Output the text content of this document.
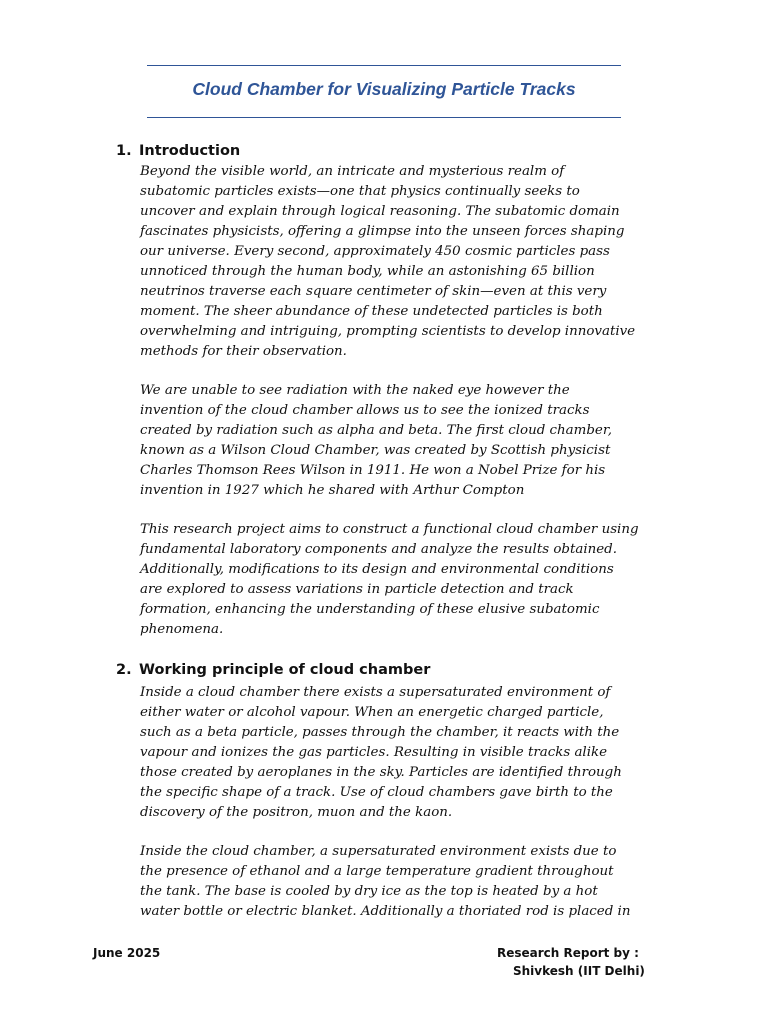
Cloud Chamber for Visualizing Particle Tracks
1. Introduction
Beyond the visible world, an intricate and mysterious realm of
subatomic particles exists—one that physics continually seeks to
uncover and explain through logical reasoning. The subatomic domain
fascinates physicists, offering a glimpse into the unseen forces shaping
our universe. Every second, approximately 450 cosmic particles pass
unnoticed through the human body, while an astonishing 65 billion
neutrinos traverse each square centimeter of skin—even at this very
moment. The sheer abundance of these undetected particles is both
overwhelming and intriguing, prompting scientists to develop innovative
methods for their observation.
We are unable to see radiation with the naked eye however the
invention of the cloud chamber allows us to see the ionized tracks
created by radiation such as alpha and beta. The first cloud chamber,
known as a Wilson Cloud Chamber, was created by Scottish physicist
Charles Thomson Rees Wilson in 1911. He won a Nobel Prize for his
invention in 1927 which he shared with Arthur Compton
This research project aims to construct a functional cloud chamber using
fundamental laboratory components and analyze the results obtained.
Additionally, modifications to its design and environmental conditions
are explored to assess variations in particle detection and track
formation, enhancing the understanding of these elusive subatomic
phenomena.
2. Working principle of cloud chamber
Inside a cloud chamber there exists a supersaturated environment of
either water or alcohol vapour. When an energetic charged particle,
such as a beta particle, passes through the chamber, it reacts with the
vapour and ionizes the gas particles. Resulting in visible tracks alike
those created by aeroplanes in the sky. Particles are identified through
the specific shape of a track. Use of cloud chambers gave birth to the
discovery of the positron, muon and the kaon.
Inside the cloud chamber, a supersaturated environment exists due to
the presence of ethanol and a large temperature gradient throughout
the tank. The base is cooled by dry ice as the top is heated by a hot
water bottle or electric blanket. Additionally a thoriated rod is placed in
June 2025	Research Report by :
Shivkesh (IIT Delhi)
